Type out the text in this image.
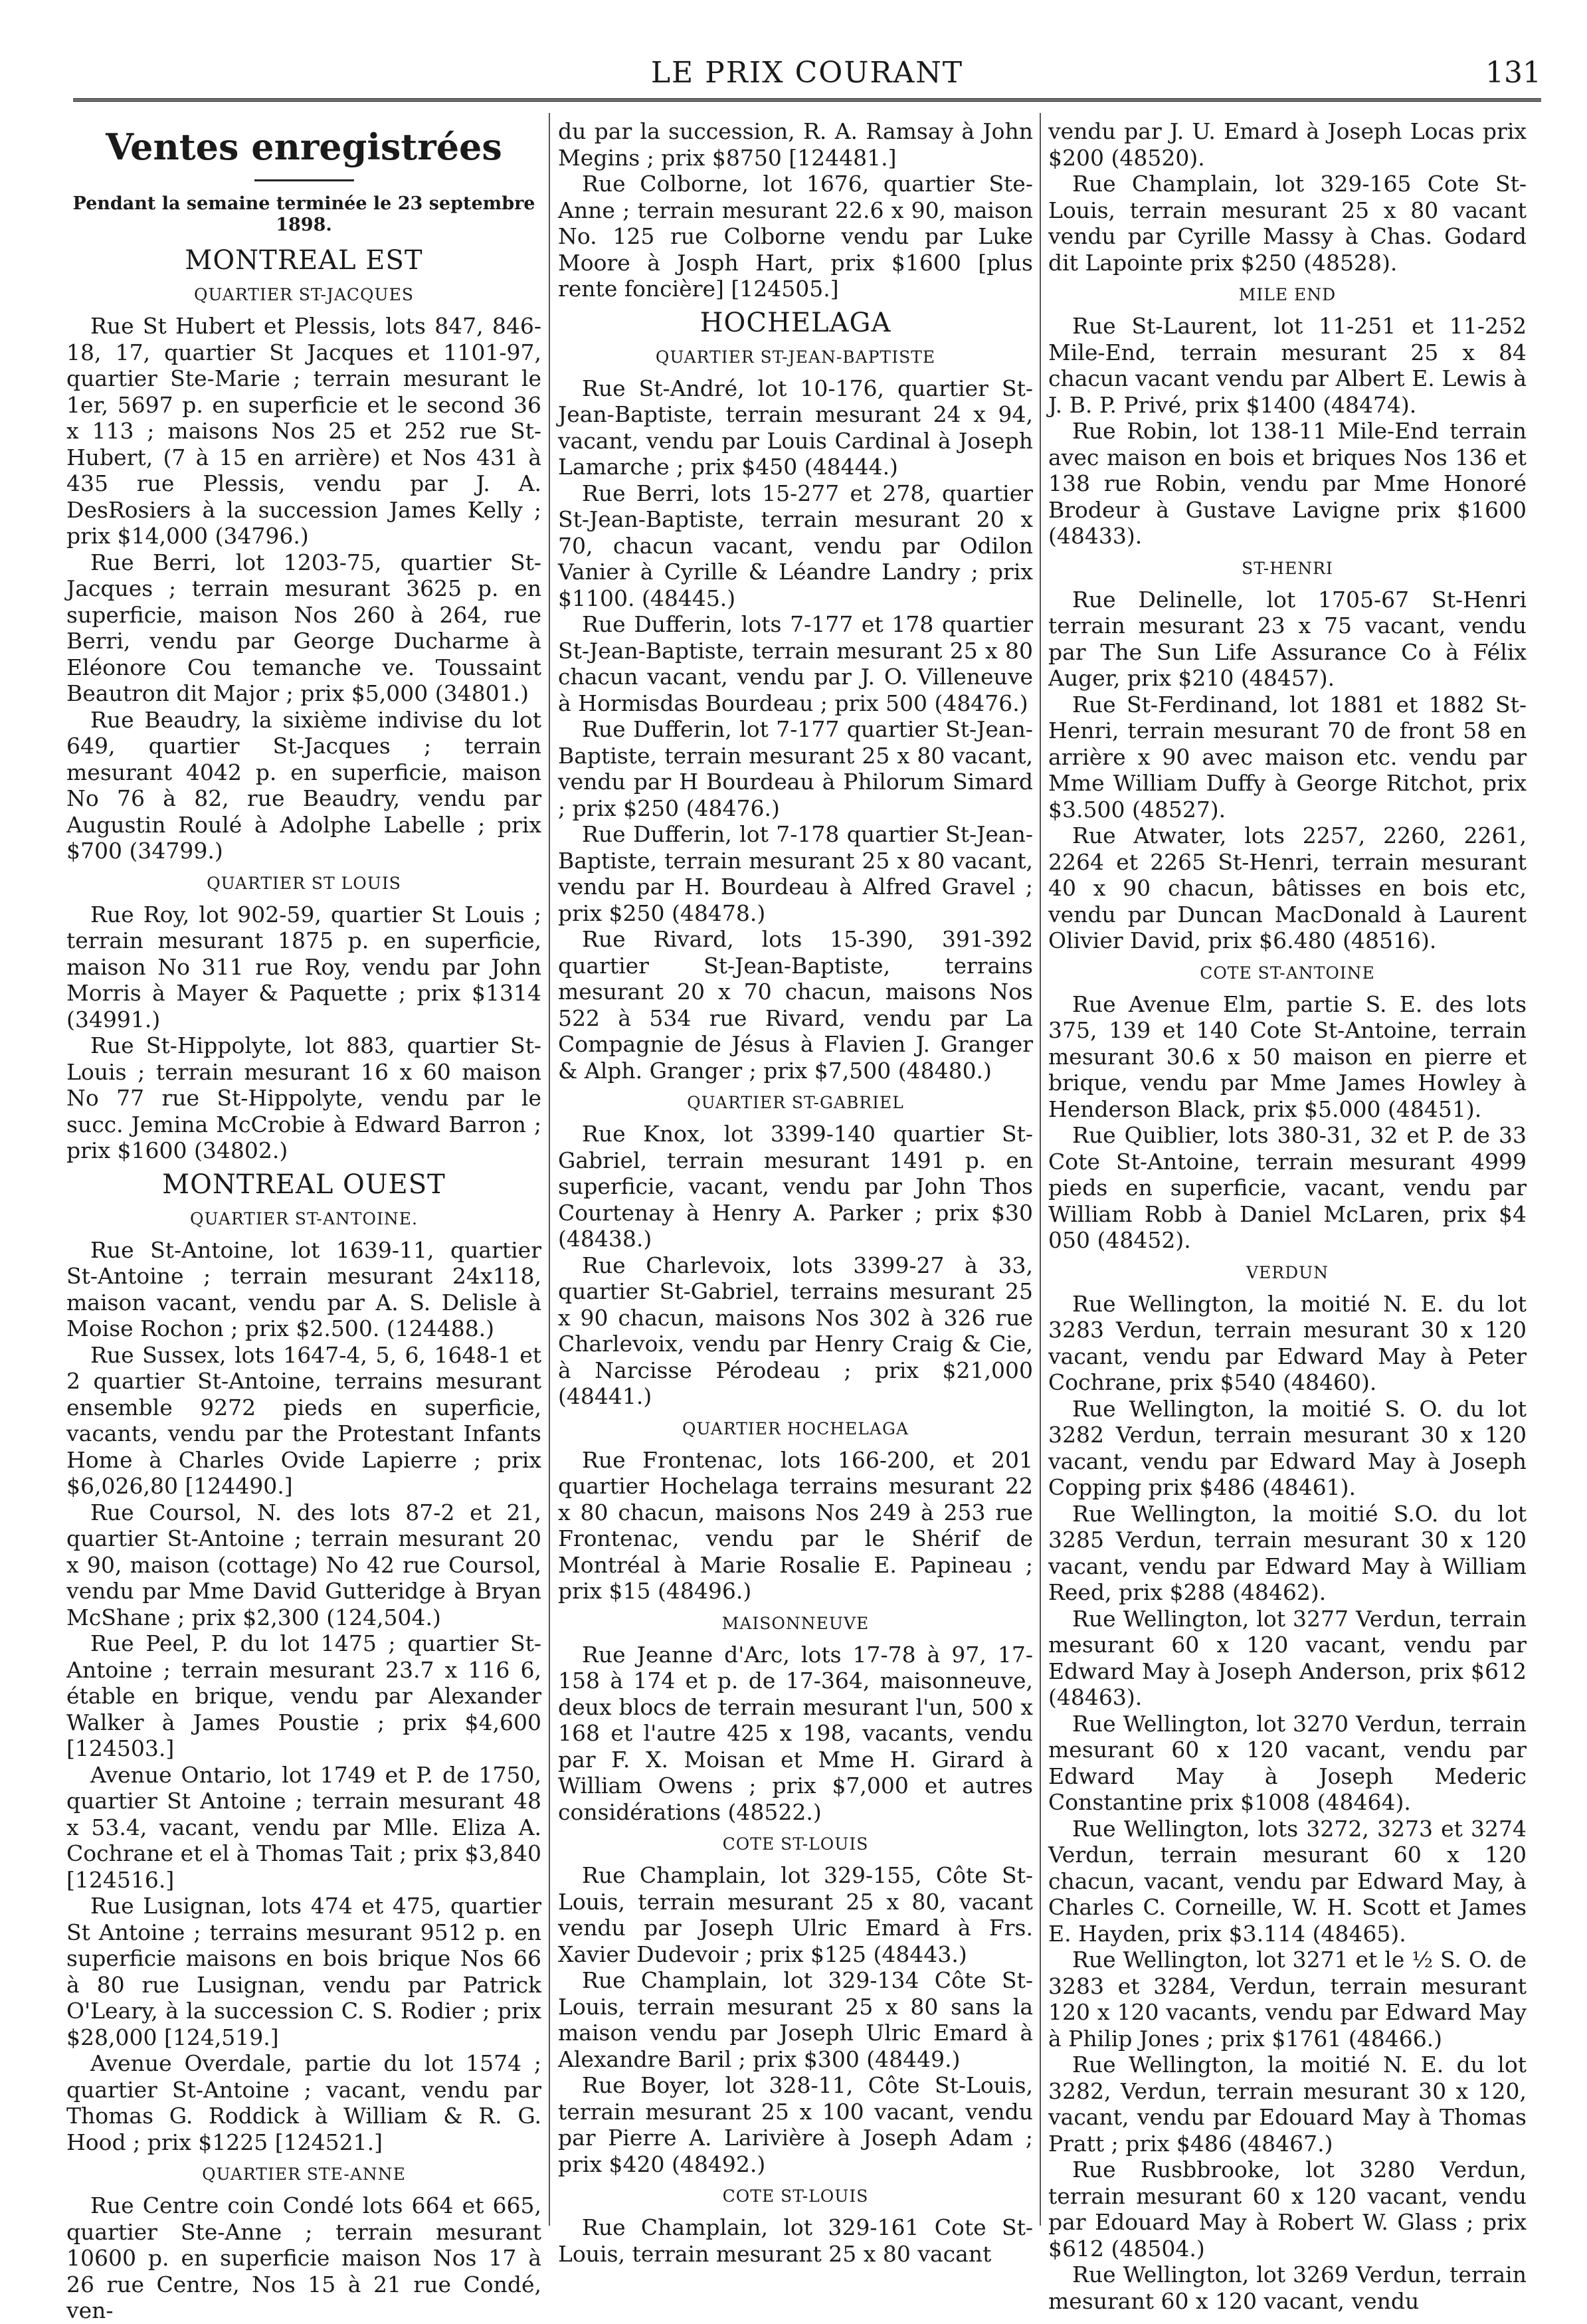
LE PRIX COURANT	131
Ventes enregistrées
Pendant la semaine terminée le 23 septembre 1898.
MONTREAL EST
QUARTIER ST-JACQUES

Rue St Hubert et Plessis, lots 847, 846-18, 17, quartier St Jacques et 1101-97, quartier Ste-Marie ; terrain mesurant le 1er, 5697 p. en superficie et le second 36 x 113 ; maisons Nos 25 et 252 rue St-Hubert, (7 à 15 en arrière) et Nos 431 à 435 rue Plessis, vendu par J. A. DesRosiers à la succession James Kelly ; prix $14,000 (34796.)

Rue Berri, lot 1203-75, quartier St-Jacques ; terrain mesurant 3625 p. en superficie, maison Nos 260 à 264, rue Berri, vendu par George Ducharme à Eléonore Cou temanche ve. Toussaint Beautron dit Major ; prix $5,000 (34801.)

Rue Beaudry, la sixième indivise du lot 649, quartier St-Jacques ; terrain mesurant 4042 p. en superficie, maison No 76 à 82, rue Beaudry, vendu par Augustin Roulé à Adolphe Labelle ; prix $700 (34799.)

QUARTIER ST LOUIS

Rue Roy, lot 902-59, quartier St Louis ; terrain mesurant 1875 p. en superficie, maison No 311 rue Roy, vendu par John Morris à Mayer & Paquette ; prix $1314 (34991.)

Rue St-Hippolyte, lot 883, quartier St-Louis ; terrain mesurant 16 x 60 maison No 77 rue St-Hippolyte, vendu par le succ. Jemina McCrobie à Edward Barron ; prix $1600 (34802.)

MONTREAL OUEST
QUARTIER ST-ANTOINE.

Rue St-Antoine, lot 1639-11, quartier St-Antoine ; terrain mesurant 24x118, maison vacant, vendu par A. S. Delisle à Moise Rochon ; prix $2.500. (124488.)

Rue Sussex, lots 1647-4, 5, 6, 1648-1 et 2 quartier St-Antoine, terrains mesurant ensemble 9272 pieds en superficie, vacants, vendu par the Protestant Infants Home à Charles Ovide Lapierre ; prix $6,026,80 [124490.]

Rue Coursol, N. des lots 87-2 et 21, quartier St-Antoine ; terrain mesurant 20 x 90, maison (cottage) No 42 rue Coursol, vendu par Mme David Gutteridge à Bryan McShane ; prix $2,300 (124,504.)

Rue Peel, P. du lot 1475 ; quartier St-Antoine ; terrain mesurant 23.7 x 116 6, étable en brique, vendu par Alexander Walker à James Poustie ; prix $4,600 [124503.]

Avenue Ontario, lot 1749 et P. de 1750, quartier St Antoine ; terrain mesurant 48 x 53.4, vacant, vendu par Mlle. Eliza A. Cochrane et el à Thomas Tait ; prix $3,840 [124516.]

Rue Lusignan, lots 474 et 475, quartier St Antoine ; terrains mesurant 9512 p. en superficie maisons en bois brique Nos 66 à 80 rue Lusignan, vendu par Patrick O'Leary, à la succession C. S. Rodier ; prix $28,000 [124,519.]

Avenue Overdale, partie du lot 1574 ; quartier St-Antoine ; vacant, vendu par Thomas G. Roddick à William & R. G. Hood ; prix $1225 [124521.]

QUARTIER STE-ANNE

Rue Centre coin Condé lots 664 et 665, quartier Ste-Anne ; terrain mesurant 10600 p. en superficie maison Nos 17 à 26 rue Centre, Nos 15 à 21 rue Condé, ven-

du par la succession, R. A. Ramsay à John Megins ; prix $8750 [124481.]

Rue Colborne, lot 1676, quartier Ste-Anne ; terrain mesurant 22.6 x 90, maison No. 125 rue Colborne vendu par Luke Moore à Josph Hart, prix $1600 [plus rente foncière] [124505.]

HOCHELAGA
QUARTIER ST-JEAN-BAPTISTE

Rue St-André, lot 10-176, quartier St-Jean-Baptiste, terrain mesurant 24 x 94, vacant, vendu par Louis Cardinal à Joseph Lamarche ; prix $450 (48444.)

Rue Berri, lots 15-277 et 278, quartier St-Jean-Baptiste, terrain mesurant 20 x 70, chacun vacant, vendu par Odilon Vanier à Cyrille & Léandre Landry ; prix $1100. (48445.)

Rue Dufferin, lots 7-177 et 178 quartier St-Jean-Baptiste, terrain mesurant 25 x 80 chacun vacant, vendu par J. O. Villeneuve à Hormisdas Bourdeau ; prix 500 (48476.)

Rue Dufferin, lot 7-177 quartier St-Jean-Baptiste, terrain mesurant 25 x 80 vacant, vendu par H Bourdeau à Philorum Simard ; prix $250 (48476.)

Rue Dufferin, lot 7-178 quartier St-Jean-Baptiste, terrain mesurant 25 x 80 vacant, vendu par H. Bourdeau à Alfred Gravel ; prix $250 (48478.)

Rue Rivard, lots 15-390, 391-392 quartier St-Jean-Baptiste, terrains mesurant 20 x 70 chacun, maisons Nos 522 à 534 rue Rivard, vendu par La Compagnie de Jésus à Flavien J. Granger & Alph. Granger ; prix $7,500 (48480.)

QUARTIER ST-GABRIEL

Rue Knox, lot 3399-140 quartier St-Gabriel, terrain mesurant 1491 p. en superficie, vacant, vendu par John Thos Courtenay à Henry A. Parker ; prix $30 (48438.)

Rue Charlevoix, lots 3399-27 à 33, quartier St-Gabriel, terrains mesurant 25 x 90 chacun, maisons Nos 302 à 326 rue Charlevoix, vendu par Henry Craig & Cie, à Narcisse Pérodeau ; prix $21,000 (48441.)

QUARTIER HOCHELAGA

Rue Frontenac, lots 166-200, et 201 quartier Hochelaga terrains mesurant 22 x 80 chacun, maisons Nos 249 à 253 rue Frontenac, vendu par le Shérif de Montréal à Marie Rosalie E. Papineau ; prix $15 (48496.)

MAISONNEUVE

Rue Jeanne d'Arc, lots 17-78 à 97, 17-158 à 174 et p. de 17-364, maisonneuve, deux blocs de terrain mesurant l'un, 500 x 168 et l'autre 425 x 198, vacants, vendu par F. X. Moisan et Mme H. Girard à William Owens ; prix $7,000 et autres considérations (48522.)

COTE ST-LOUIS

Rue Champlain, lot 329-155, Côte St-Louis, terrain mesurant 25 x 80, vacant vendu par Joseph Ulric Emard à Frs. Xavier Dudevoir ; prix $125 (48443.)

Rue Champlain, lot 329-134 Côte St-Louis, terrain mesurant 25 x 80 sans la maison vendu par Joseph Ulric Emard à Alexandre Baril ; prix $300 (48449.)

Rue Boyer, lot 328-11, Côte St-Louis, terrain mesurant 25 x 100 vacant, vendu par Pierre A. Larivière à Joseph Adam ; prix $420 (48492.)

COTE ST-LOUIS

Rue Champlain, lot 329-161 Cote St-Louis, terrain mesurant 25 x 80 vacant

vendu par J. U. Emard à Joseph Locas prix $200 (48520).

Rue Champlain, lot 329-165 Cote St-Louis, terrain mesurant 25 x 80 vacant vendu par Cyrille Massy à Chas. Godard dit Lapointe prix $250 (48528).

MILE END

Rue St-Laurent, lot 11-251 et 11-252 Mile-End, terrain mesurant 25 x 84 chacun vacant vendu par Albert E. Lewis à J. B. P. Privé, prix $1400 (48474).

Rue Robin, lot 138-11 Mile-End terrain avec maison en bois et briques Nos 136 et 138 rue Robin, vendu par Mme Honoré Brodeur à Gustave Lavigne prix $1600 (48433).

ST-HENRI

Rue Delinelle, lot 1705-67 St-Henri terrain mesurant 23 x 75 vacant, vendu par The Sun Life Assurance Co à Félix Auger, prix $210 (48457).

Rue St-Ferdinand, lot 1881 et 1882 St-Henri, terrain mesurant 70 de front 58 en arrière x 90 avec maison etc. vendu par Mme William Duffy à George Ritchot, prix $3.500 (48527).

Rue Atwater, lots 2257, 2260, 2261, 2264 et 2265 St-Henri, terrain mesurant 40 x 90 chacun, bâtisses en bois etc, vendu par Duncan MacDonald à Laurent Olivier David, prix $6.480 (48516).

COTE ST-ANTOINE

Rue Avenue Elm, partie S. E. des lots 375, 139 et 140 Cote St-Antoine, terrain mesurant 30.6 x 50 maison en pierre et brique, vendu par Mme James Howley à Henderson Black, prix $5.000 (48451).

Rue Quiblier, lots 380-31, 32 et P. de 33 Cote St-Antoine, terrain mesurant 4999 pieds en superficie, vacant, vendu par William Robb à Daniel McLaren, prix $4 050 (48452).

VERDUN

Rue Wellington, la moitié N. E. du lot 3283 Verdun, terrain mesurant 30 x 120 vacant, vendu par Edward May à Peter Cochrane, prix $540 (48460).

Rue Wellington, la moitié S. O. du lot 3282 Verdun, terrain mesurant 30 x 120 vacant, vendu par Edward May à Joseph Copping prix $486 (48461).

Rue Wellington, la moitié S.O. du lot 3285 Verdun, terrain mesurant 30 x 120 vacant, vendu par Edward May à William Reed, prix $288 (48462).

Rue Wellington, lot 3277 Verdun, terrain mesurant 60 x 120 vacant, vendu par Edward May à Joseph Anderson, prix $612 (48463).

Rue Wellington, lot 3270 Verdun, terrain mesurant 60 x 120 vacant, vendu par Edward May à Joseph Mederic Constantine prix $1008 (48464).

Rue Wellington, lots 3272, 3273 et 3274 Verdun, terrain mesurant 60 x 120 chacun, vacant, vendu par Edward May, à Charles C. Corneille, W. H. Scott et James E. Hayden, prix $3.114 (48465).

Rue Wellington, lot 3271 et le ½ S. O. de 3283 et 3284, Verdun, terrain mesurant 120 x 120 vacants, vendu par Edward May à Philip Jones ; prix $1761 (48466.)

Rue Wellington, la moitié N. E. du lot 3282, Verdun, terrain mesurant 30 x 120, vacant, vendu par Edouard May à Thomas Pratt ; prix $486 (48467.)

Rue Rusbbrooke, lot 3280 Verdun, terrain mesurant 60 x 120 vacant, vendu par Edouard May à Robert W. Glass ; prix $612 (48504.)

Rue Wellington, lot 3269 Verdun, terrain mesurant 60 x 120 vacant, vendu
